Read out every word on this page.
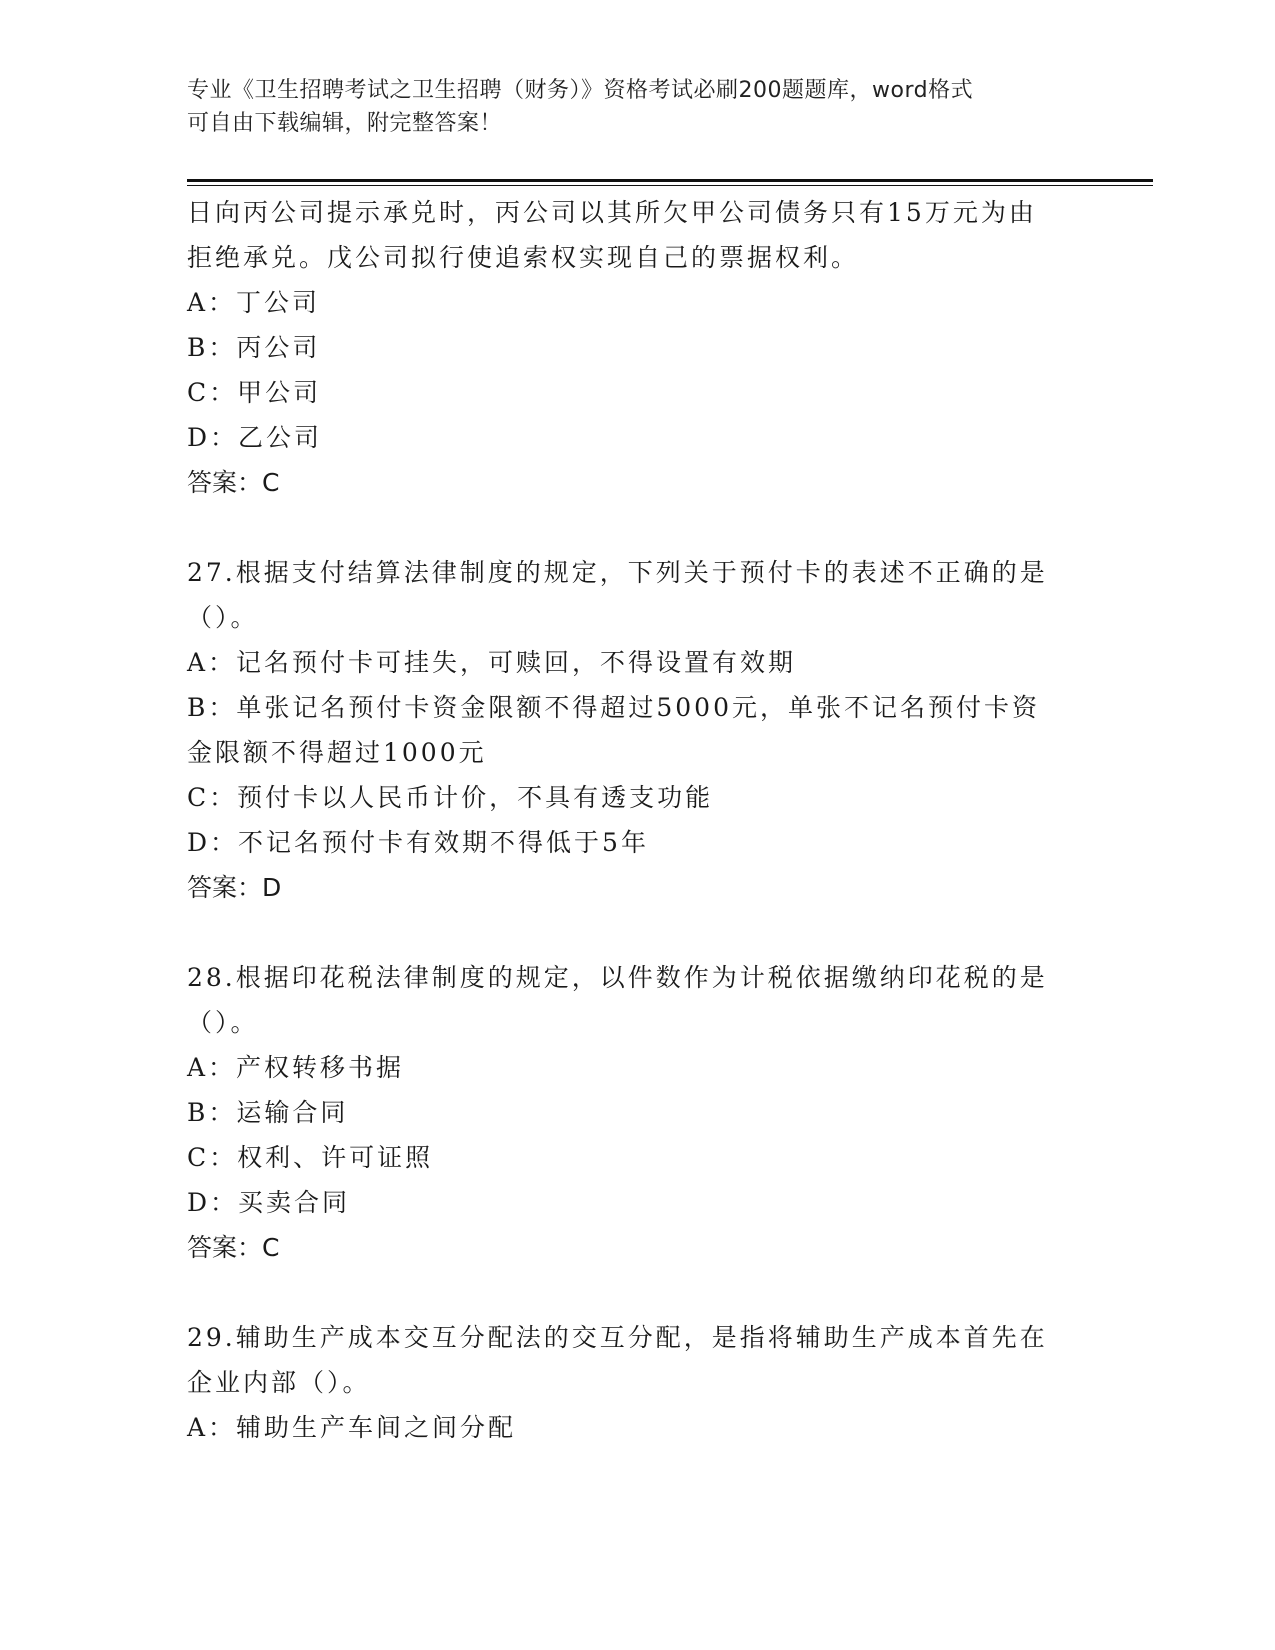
专业《卫生招聘考试之卫生招聘（财务）》资格考试必刷200题题库，word格式
可自由下载编辑，附完整答案！
日向丙公司提示承兑时，丙公司以其所欠甲公司债务只有15万元为由
拒绝承兑。戊公司拟行使追索权实现自己的票据权利。
A：丁公司
B：丙公司
C：甲公司
D：乙公司
答案：C
27.根据支付结算法律制度的规定，下列关于预付卡的表述不正确的是
（）。
A：记名预付卡可挂失，可赎回，不得设置有效期
B：单张记名预付卡资金限额不得超过5000元，单张不记名预付卡资
金限额不得超过1000元
C：预付卡以人民币计价，不具有透支功能
D：不记名预付卡有效期不得低于5年
答案：D
28.根据印花税法律制度的规定，以件数作为计税依据缴纳印花税的是
（）。
A：产权转移书据
B：运输合同
C：权利、许可证照
D：买卖合同
答案：C
29.辅助生产成本交互分配法的交互分配，是指将辅助生产成本首先在
企业内部（）。
A：辅助生产车间之间分配
